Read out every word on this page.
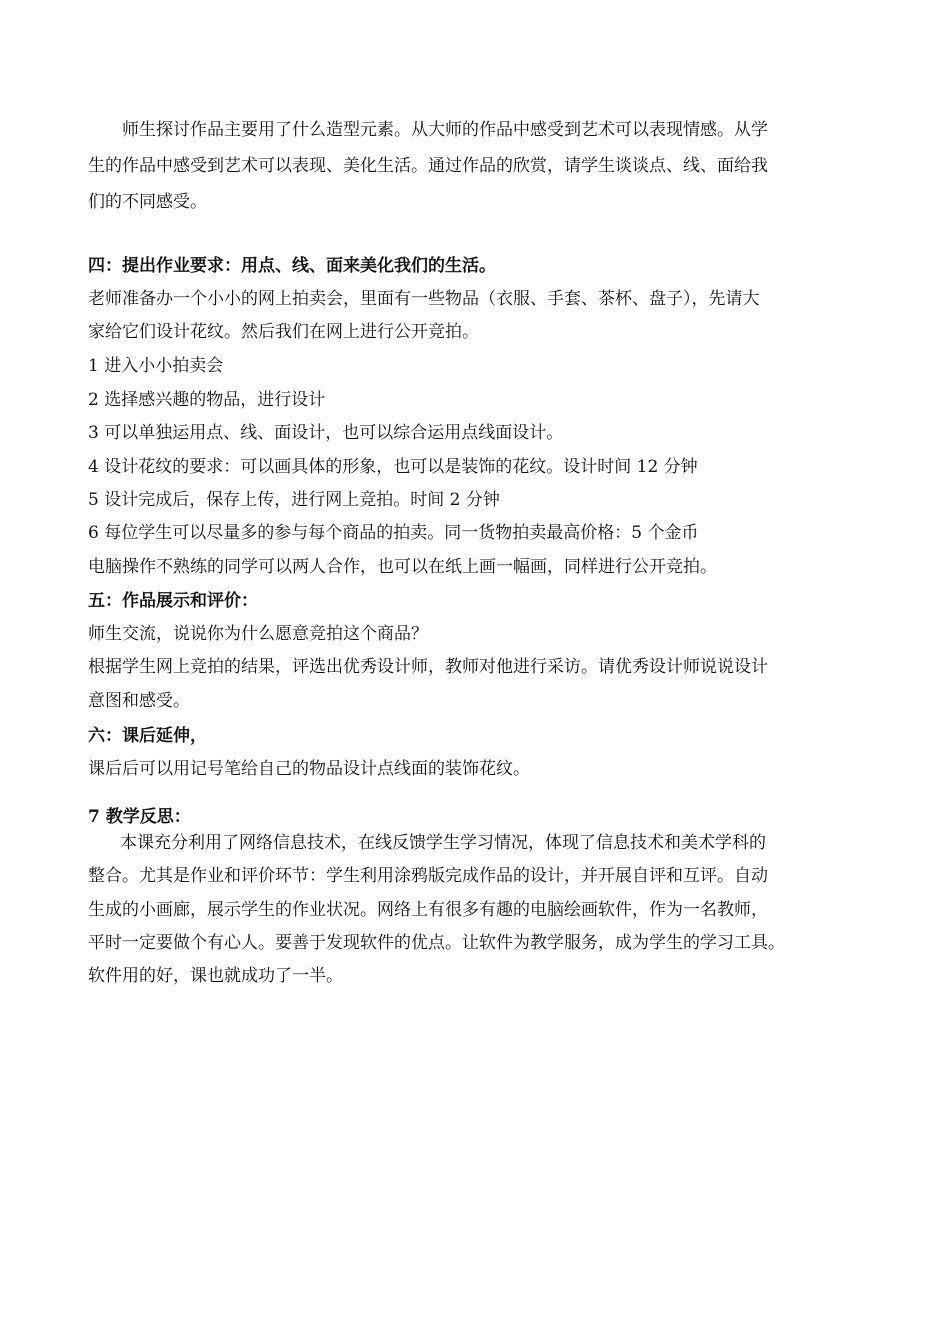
师生探讨作品主要用了什么造型元素。从大师的作品中感受到艺术可以表现情感。从学
生的作品中感受到艺术可以表现、美化生活。通过作品的欣赏，请学生谈谈点、线、面给我
们的不同感受。
四：提出作业要求：用点、线、面来美化我们的生活。
老师准备办一个小小的网上拍卖会，里面有一些物品（衣服、手套、茶杯、盘子），先请大
家给它们设计花纹。然后我们在网上进行公开竞拍。
1 进入小小拍卖会
2 选择感兴趣的物品，进行设计
3 可以单独运用点、线、面设计，也可以综合运用点线面设计。
4 设计花纹的要求：可以画具体的形象，也可以是装饰的花纹。设计时间 12 分钟
5 设计完成后，保存上传，进行网上竞拍。时间 2 分钟
6 每位学生可以尽量多的参与每个商品的拍卖。同一货物拍卖最高价格：5 个金币
电脑操作不熟练的同学可以两人合作，也可以在纸上画一幅画，同样进行公开竞拍。
五：作品展示和评价：
师生交流，说说你为什么愿意竞拍这个商品？
根据学生网上竞拍的结果，评选出优秀设计师，教师对他进行采访。请优秀设计师说说设计
意图和感受。
六：课后延伸，
课后后可以用记号笔给自己的物品设计点线面的装饰花纹。
7 教学反思：
本课充分利用了网络信息技术，在线反馈学生学习情况，体现了信息技术和美术学科的
整合。尤其是作业和评价环节：学生利用涂鸦版完成作品的设计，并开展自评和互评。自动
生成的小画廊，展示学生的作业状况。网络上有很多有趣的电脑绘画软件，作为一名教师，
平时一定要做个有心人。要善于发现软件的优点。让软件为教学服务，成为学生的学习工具。
软件用的好，课也就成功了一半。
